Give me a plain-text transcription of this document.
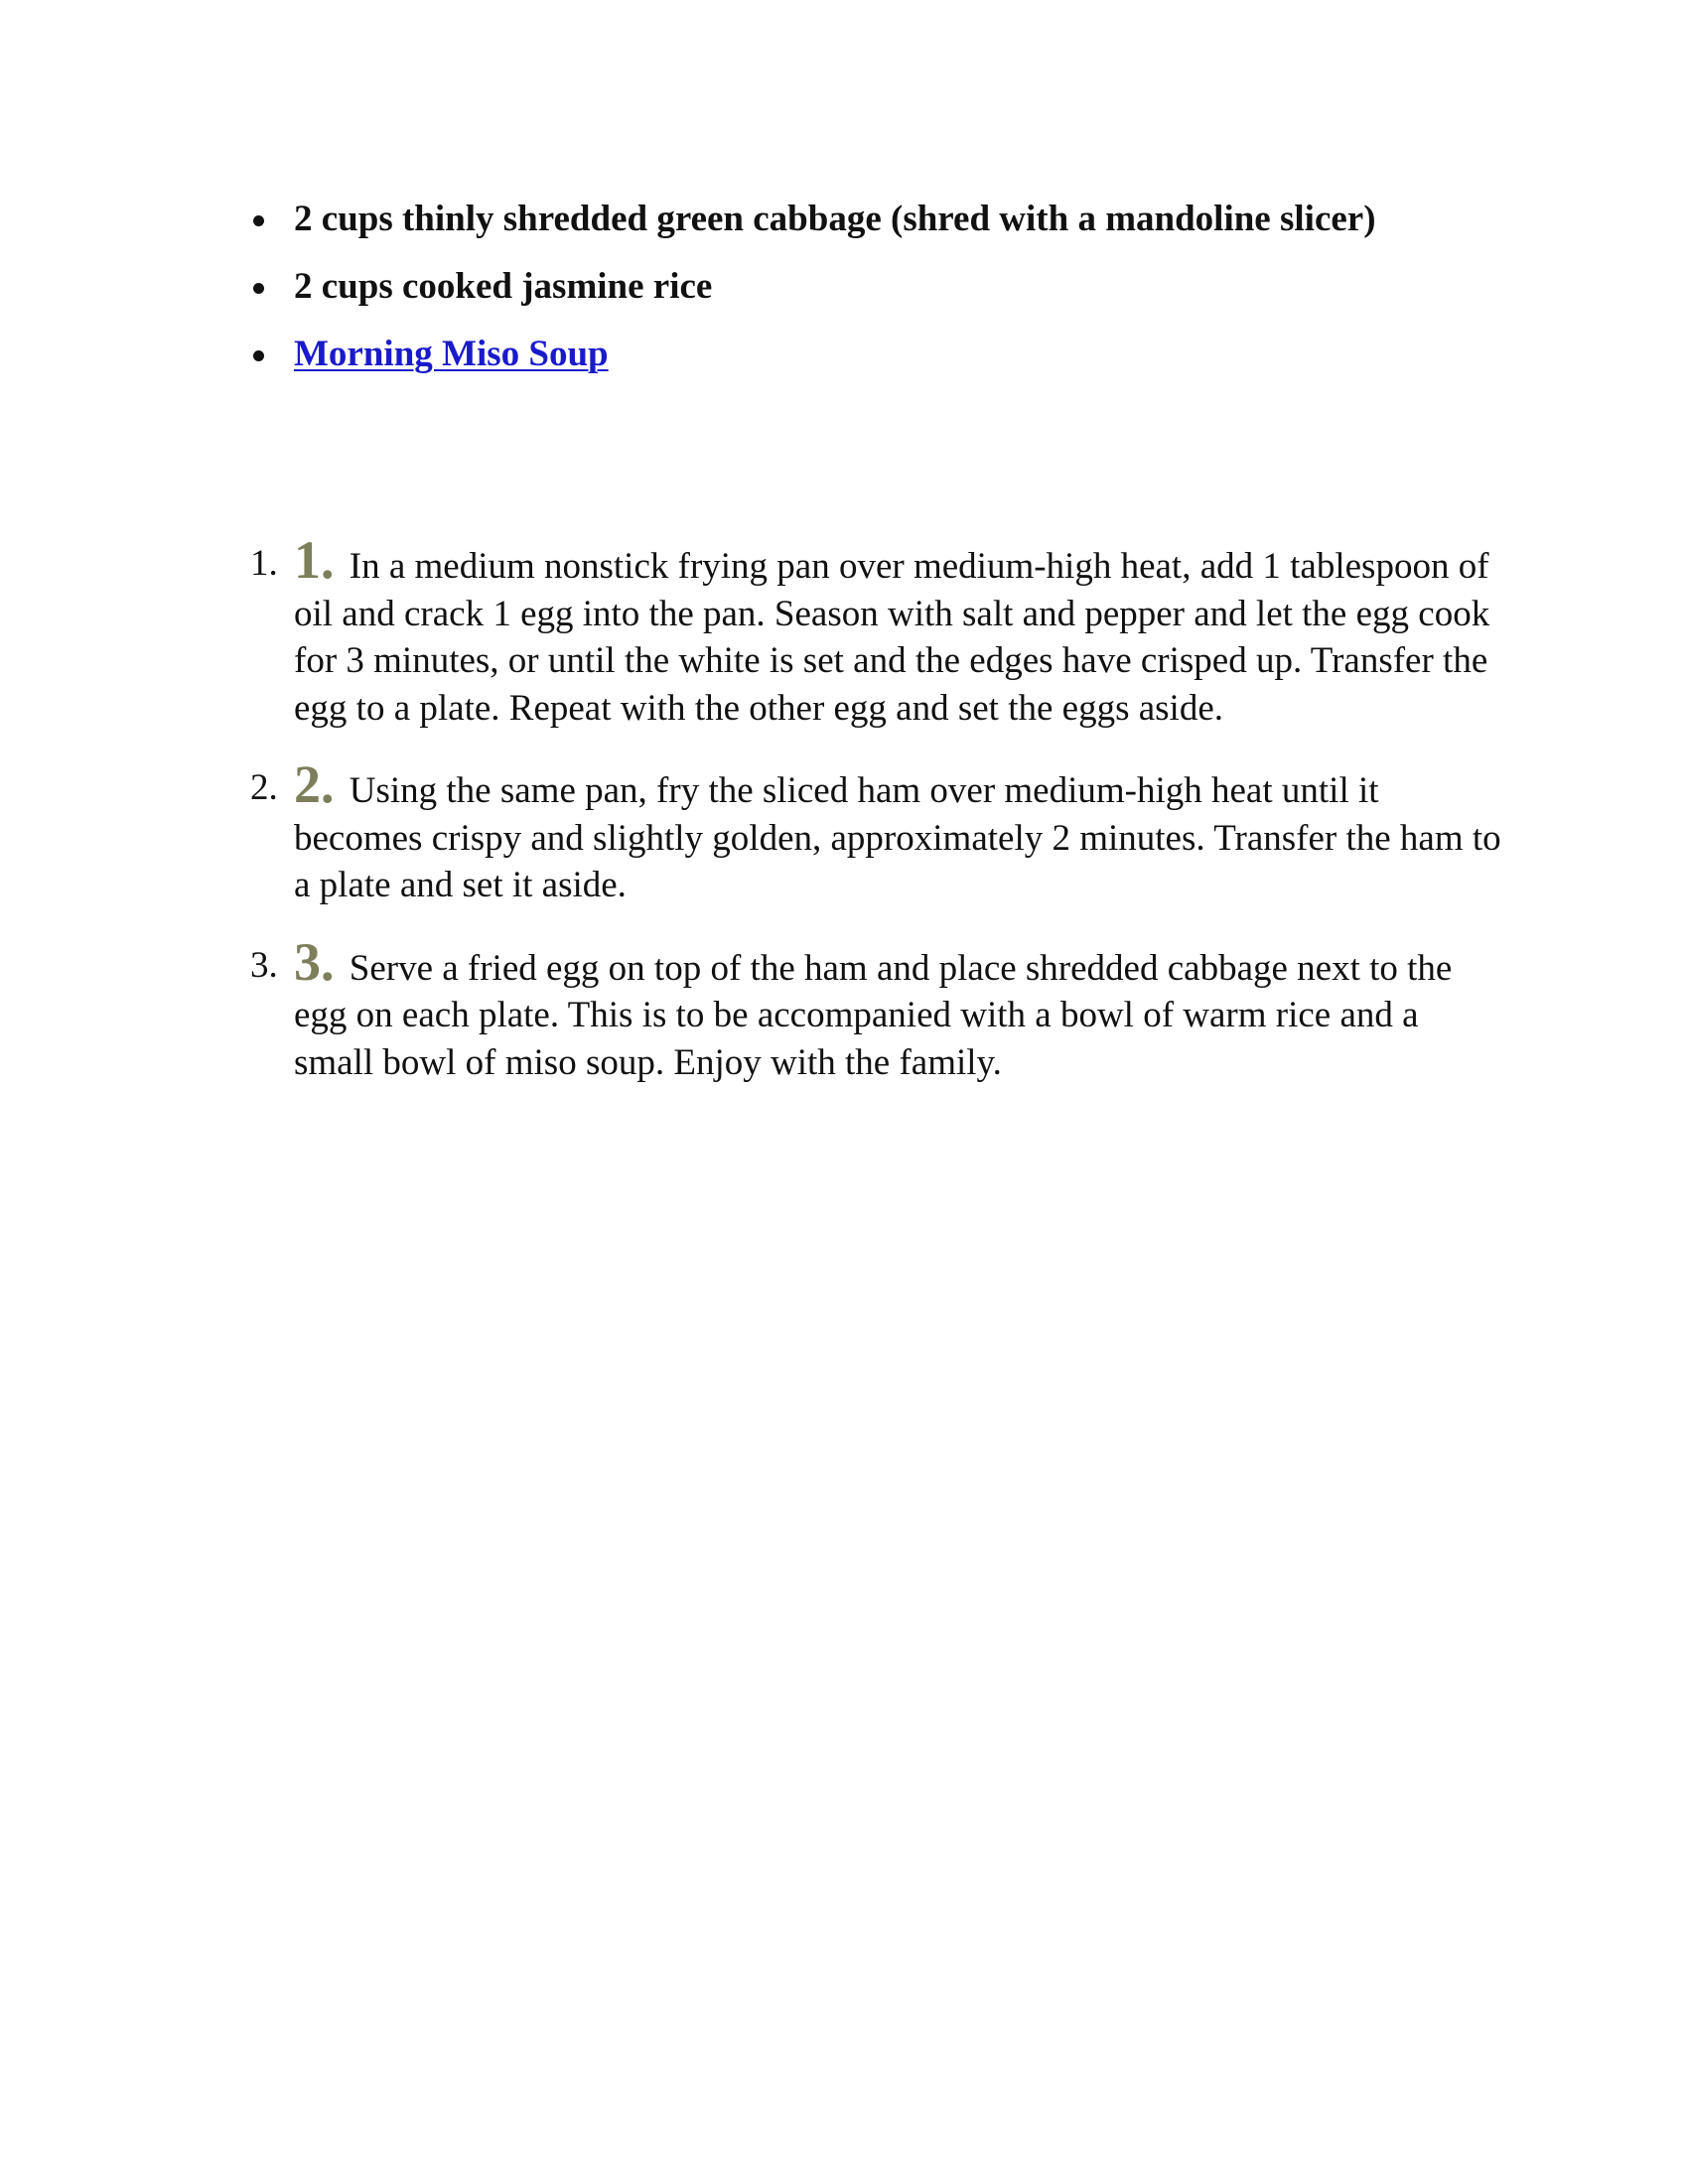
2 cups thinly shredded green cabbage (shred with a mandoline slicer)
2 cups cooked jasmine rice
Morning Miso Soup
1. 1. In a medium nonstick frying pan over medium-high heat, add 1 tablespoon of oil and crack 1 egg into the pan. Season with salt and pepper and let the egg cook for 3 minutes, or until the white is set and the edges have crisped up. Transfer the egg to a plate. Repeat with the other egg and set the eggs aside.
2. 2. Using the same pan, fry the sliced ham over medium-high heat until it becomes crispy and slightly golden, approximately 2 minutes. Transfer the ham to a plate and set it aside.
3. 3. Serve a fried egg on top of the ham and place shredded cabbage next to the egg on each plate. This is to be accompanied with a bowl of warm rice and a small bowl of miso soup. Enjoy with the family.
